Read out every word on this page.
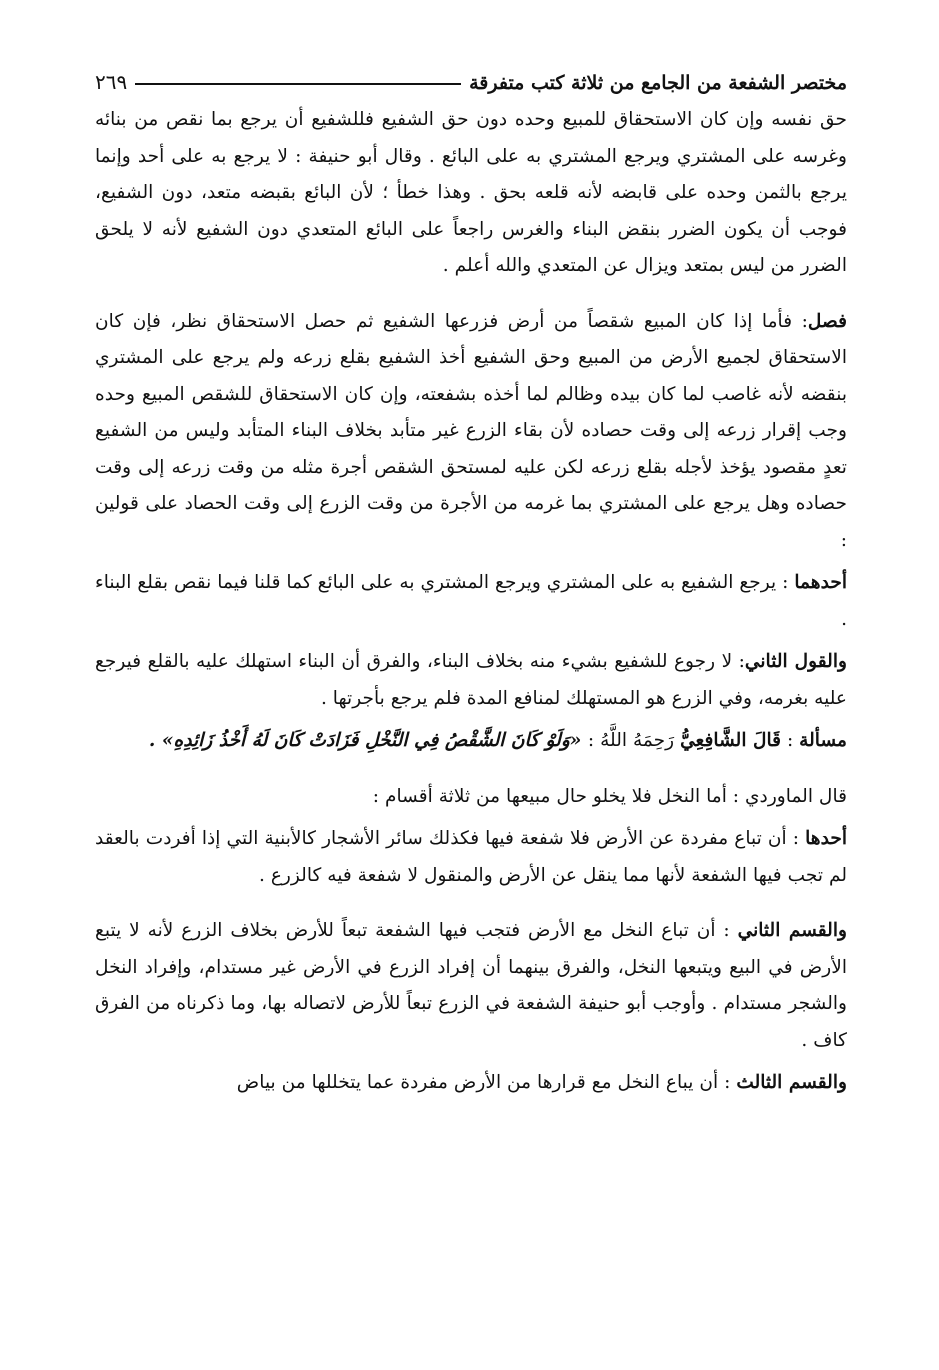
مختصر الشفعة من الجامع من ثلاثة كتب متفرقة
٢٦٩

حق نفسه وإن كان الاستحقاق للمبيع وحده دون حق الشفيع فللشفيع أن يرجع بما نقص من بنائه وغرسه على المشتري ويرجع المشتري به على البائع . وقال أبو حنيفة : لا يرجع به على أحد وإنما يرجع بالثمن وحده على قابضه لأنه قلعه بحق . وهذا خطأ ؛ لأن البائع بقبضه متعد، دون الشفيع، فوجب أن يكون الضرر بنقض البناء والغرس راجعاً على البائع المتعدي دون الشفيع لأنه لا يلحق الضرر من ليس بمتعد ويزال عن المتعدي والله أعلم .

فصل: فأما إذا كان المبيع شقصاً من أرض فزرعها الشفيع ثم حصل الاستحقاق نظر، فإن كان الاستحقاق لجميع الأرض من المبيع وحق الشفيع أخذ الشفيع بقلع زرعه ولم يرجع على المشتري بنقضه لأنه غاصب لما كان بيده وظالم لما أخذه بشفعته، وإن كان الاستحقاق للشقص المبيع وحده وجب إقرار زرعه إلى وقت حصاده لأن بقاء الزرع غير متأبد بخلاف البناء المتأبد وليس من الشفيع تعدٍ مقصود يؤخذ لأجله بقلع زرعه لكن عليه لمستحق الشقص أجرة مثله من وقت زرعه إلى وقت حصاده وهل يرجع على المشتري بما غرمه من الأجرة من وقت الزرع إلى وقت الحصاد على قولين :

أحدهما : يرجع الشفيع به على المشتري ويرجع المشتري به على البائع كما قلنا فيما نقص بقلع البناء .

والقول الثاني: لا رجوع للشفيع بشيء منه بخلاف البناء، والفرق أن البناء استهلك عليه بالقلع فيرجع عليه بغرمه، وفي الزرع هو المستهلك لمنافع المدة فلم يرجع بأجرتها .

مسألة : قَالَ الشَّافِعِيُّ رَحِمَهُ اللَّهُ : «وَلَوْ كَانَ الشَّقْصُ فِي النَّخْلِ فَزَادَتْ كَانَ لَهُ أَخْذُ زَائِدِهِ» .

قال الماوردي : أما النخل فلا يخلو حال مبيعها من ثلاثة أقسام :

أحدها : أن تباع مفردة عن الأرض فلا شفعة فيها فكذلك سائر الأشجار كالأبنية التي إذا أفردت بالعقد لم تجب فيها الشفعة لأنها مما ينقل عن الأرض والمنقول لا شفعة فيه كالزرع .

والقسم الثاني : أن تباع النخل مع الأرض فتجب فيها الشفعة تبعاً للأرض بخلاف الزرع لأنه لا يتبع الأرض في البيع ويتبعها النخل، والفرق بينهما أن إفراد الزرع في الأرض غير مستدام، وإفراد النخل والشجر مستدام . وأوجب أبو حنيفة الشفعة في الزرع تبعاً للأرض لاتصاله بها، وما ذكرناه من الفرق كاف .

والقسم الثالث : أن يباع النخل مع قرارها من الأرض مفردة عما يتخللها من بياض
